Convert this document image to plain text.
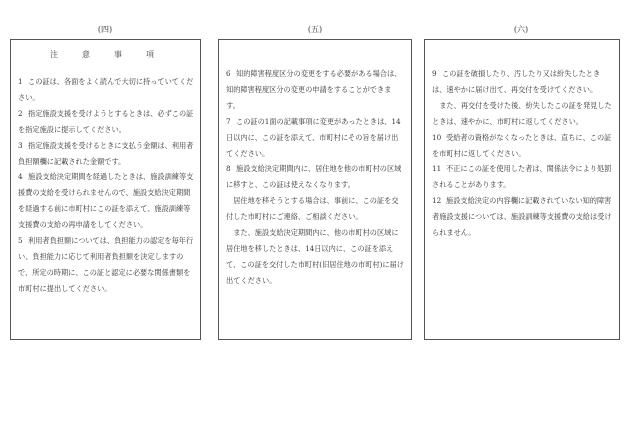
(四)	(五)	(六)
注　意　事　項

1 この証は、各面をよく読んで大切に持っていてください。

2 指定施設支援を受けようとするときは、必ずこの証を指定施設に提示してください。

3 指定施設支援を受けるときに支払う金額は、利用者負担額欄に記載された金額です。

4 施設支給決定期間を経過したときは、施設訓練等支援費の支給を受けられませんので、施設支給決定期間を経過する前に市町村にこの証を添えて、施設訓練等支援費の支給の再申請をしてください。

5 利用者負担額については、負担能力の認定を毎年行い、負担能力に応じて利用者負担額を決定しますので、所定の時期に、この証と認定に必要な関係書類を市町村に提出してください。

6 知的障害程度区分の変更をする必要がある場合は、知的障害程度区分の変更の申請をすることができます。

7 この証の1面の記載事項に変更があったときは、14日以内に、この証を添えて、市町村にその旨を届け出てください。

8 施設支給決定期間内に、居住地を他の市町村の区域に移すと、この証は使えなくなります。

居住地を移そうとする場合は、事前に、この証を交付した市町村にご連絡、ご相談ください。

また、施設支給決定期間内に、他の市町村の区域に居住地を移したときは、14日以内に、この証を添えて、この証を交付した市町村(旧居住地の市町村)に届け出てください。

9 この証を破損したり、汚したり又は紛失したときは、速やかに届け出て、再交付を受けてください。

また、再交付を受けた後、紛失したこの証を発見したときは、速やかに、市町村に返してください。

10 受給者の資格がなくなったときは、直ちに、この証を市町村に返してください。

11 不正にこの証を使用した者は、関係法令により処罰されることがあります。

12 施設支給決定の内容欄に記載されていない知的障害者施設支援については、施設訓練等支援費の支給は受けられません。
